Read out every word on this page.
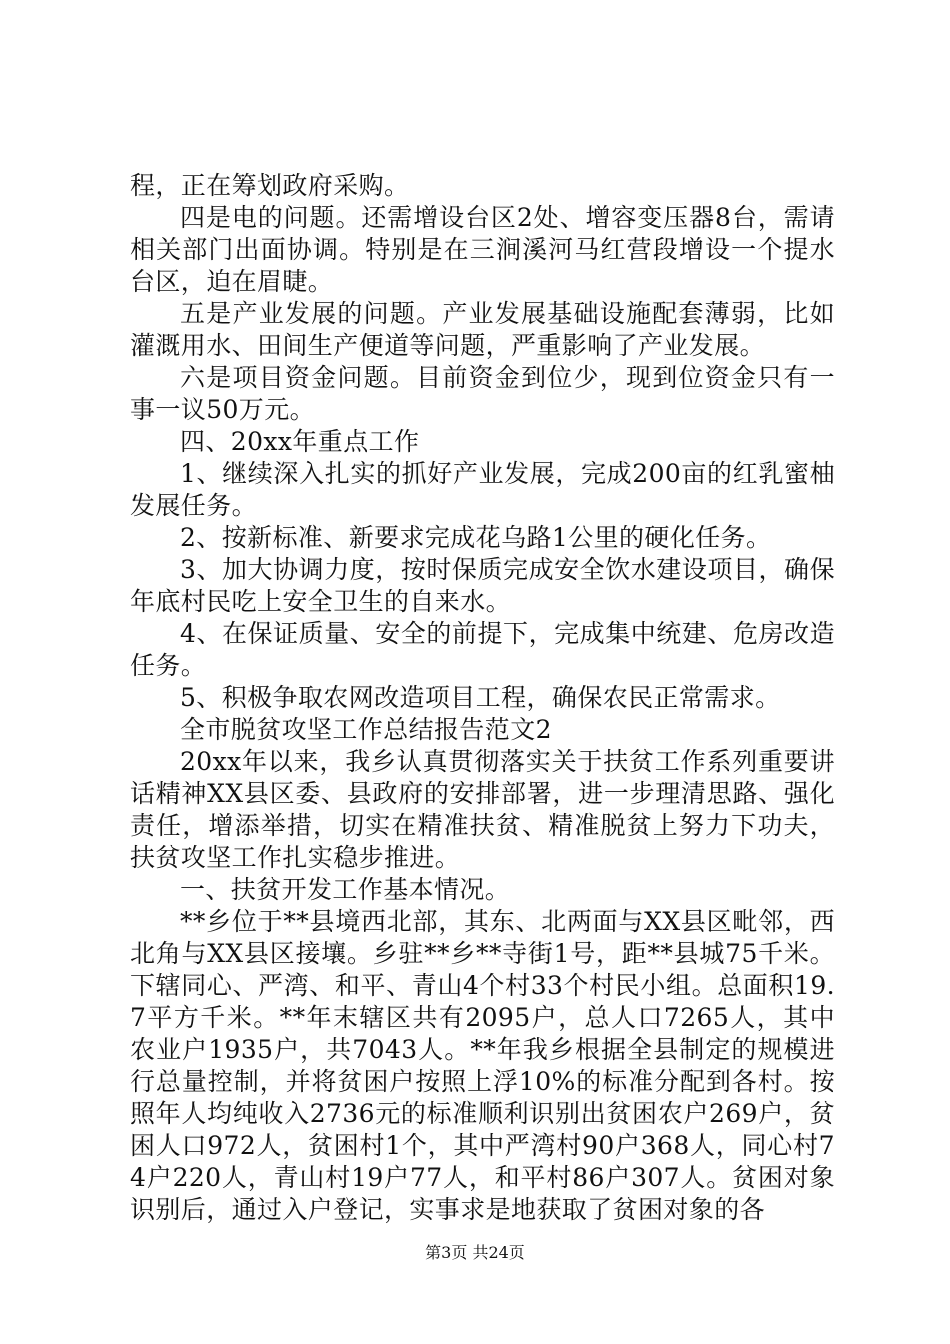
程，正在筹划政府采购。

四是电的问题。还需增设台区2处、增容变压器8台，需请相关部门出面协调。特别是在三涧溪河马红营段增设一个提水台区，迫在眉睫。

五是产业发展的问题。产业发展基础设施配套薄弱，比如灌溉用水、田间生产便道等问题，严重影响了产业发展。

六是项目资金问题。目前资金到位少，现到位资金只有一事一议50万元。

四、20xx年重点工作

1、继续深入扎实的抓好产业发展，完成200亩的红乳蜜柚发展任务。

2、按新标准、新要求完成花乌路1公里的硬化任务。

3、加大协调力度，按时保质完成安全饮水建设项目，确保年底村民吃上安全卫生的自来水。

4、在保证质量、安全的前提下，完成集中统建、危房改造任务。

5、积极争取农网改造项目工程，确保农民正常需求。

全市脱贫攻坚工作总结报告范文2

20xx年以来，我乡认真贯彻落实关于扶贫工作系列重要讲话精神XX县区委、县政府的安排部署，进一步理清思路、强化责任，增添举措，切实在精准扶贫、精准脱贫上努力下功夫，扶贫攻坚工作扎实稳步推进。

一、扶贫开发工作基本情况。

**乡位于**县境西北部，其东、北两面与XX县区毗邻，西北角与XX县区接壤。乡驻**乡**寺街1号，距**县城75千米。下辖同心、严湾、和平、青山4个村33个村民小组。总面积19.7平方千米。**年末辖区共有2095户，总人口7265人，其中农业户1935户，共7043人。**年我乡根据全县制定的规模进行总量控制，并将贫困户按照上浮10%的标准分配到各村。按照年人均纯收入2736元的标准顺利识别出贫困农户269户，贫困人口972人，贫困村1个，其中严湾村90户368人，同心村74户220人，青山村19户77人，和平村86户307人。贫困对象识别后，通过入户登记，实事求是地获取了贫困对象的各

第3页 共24页
